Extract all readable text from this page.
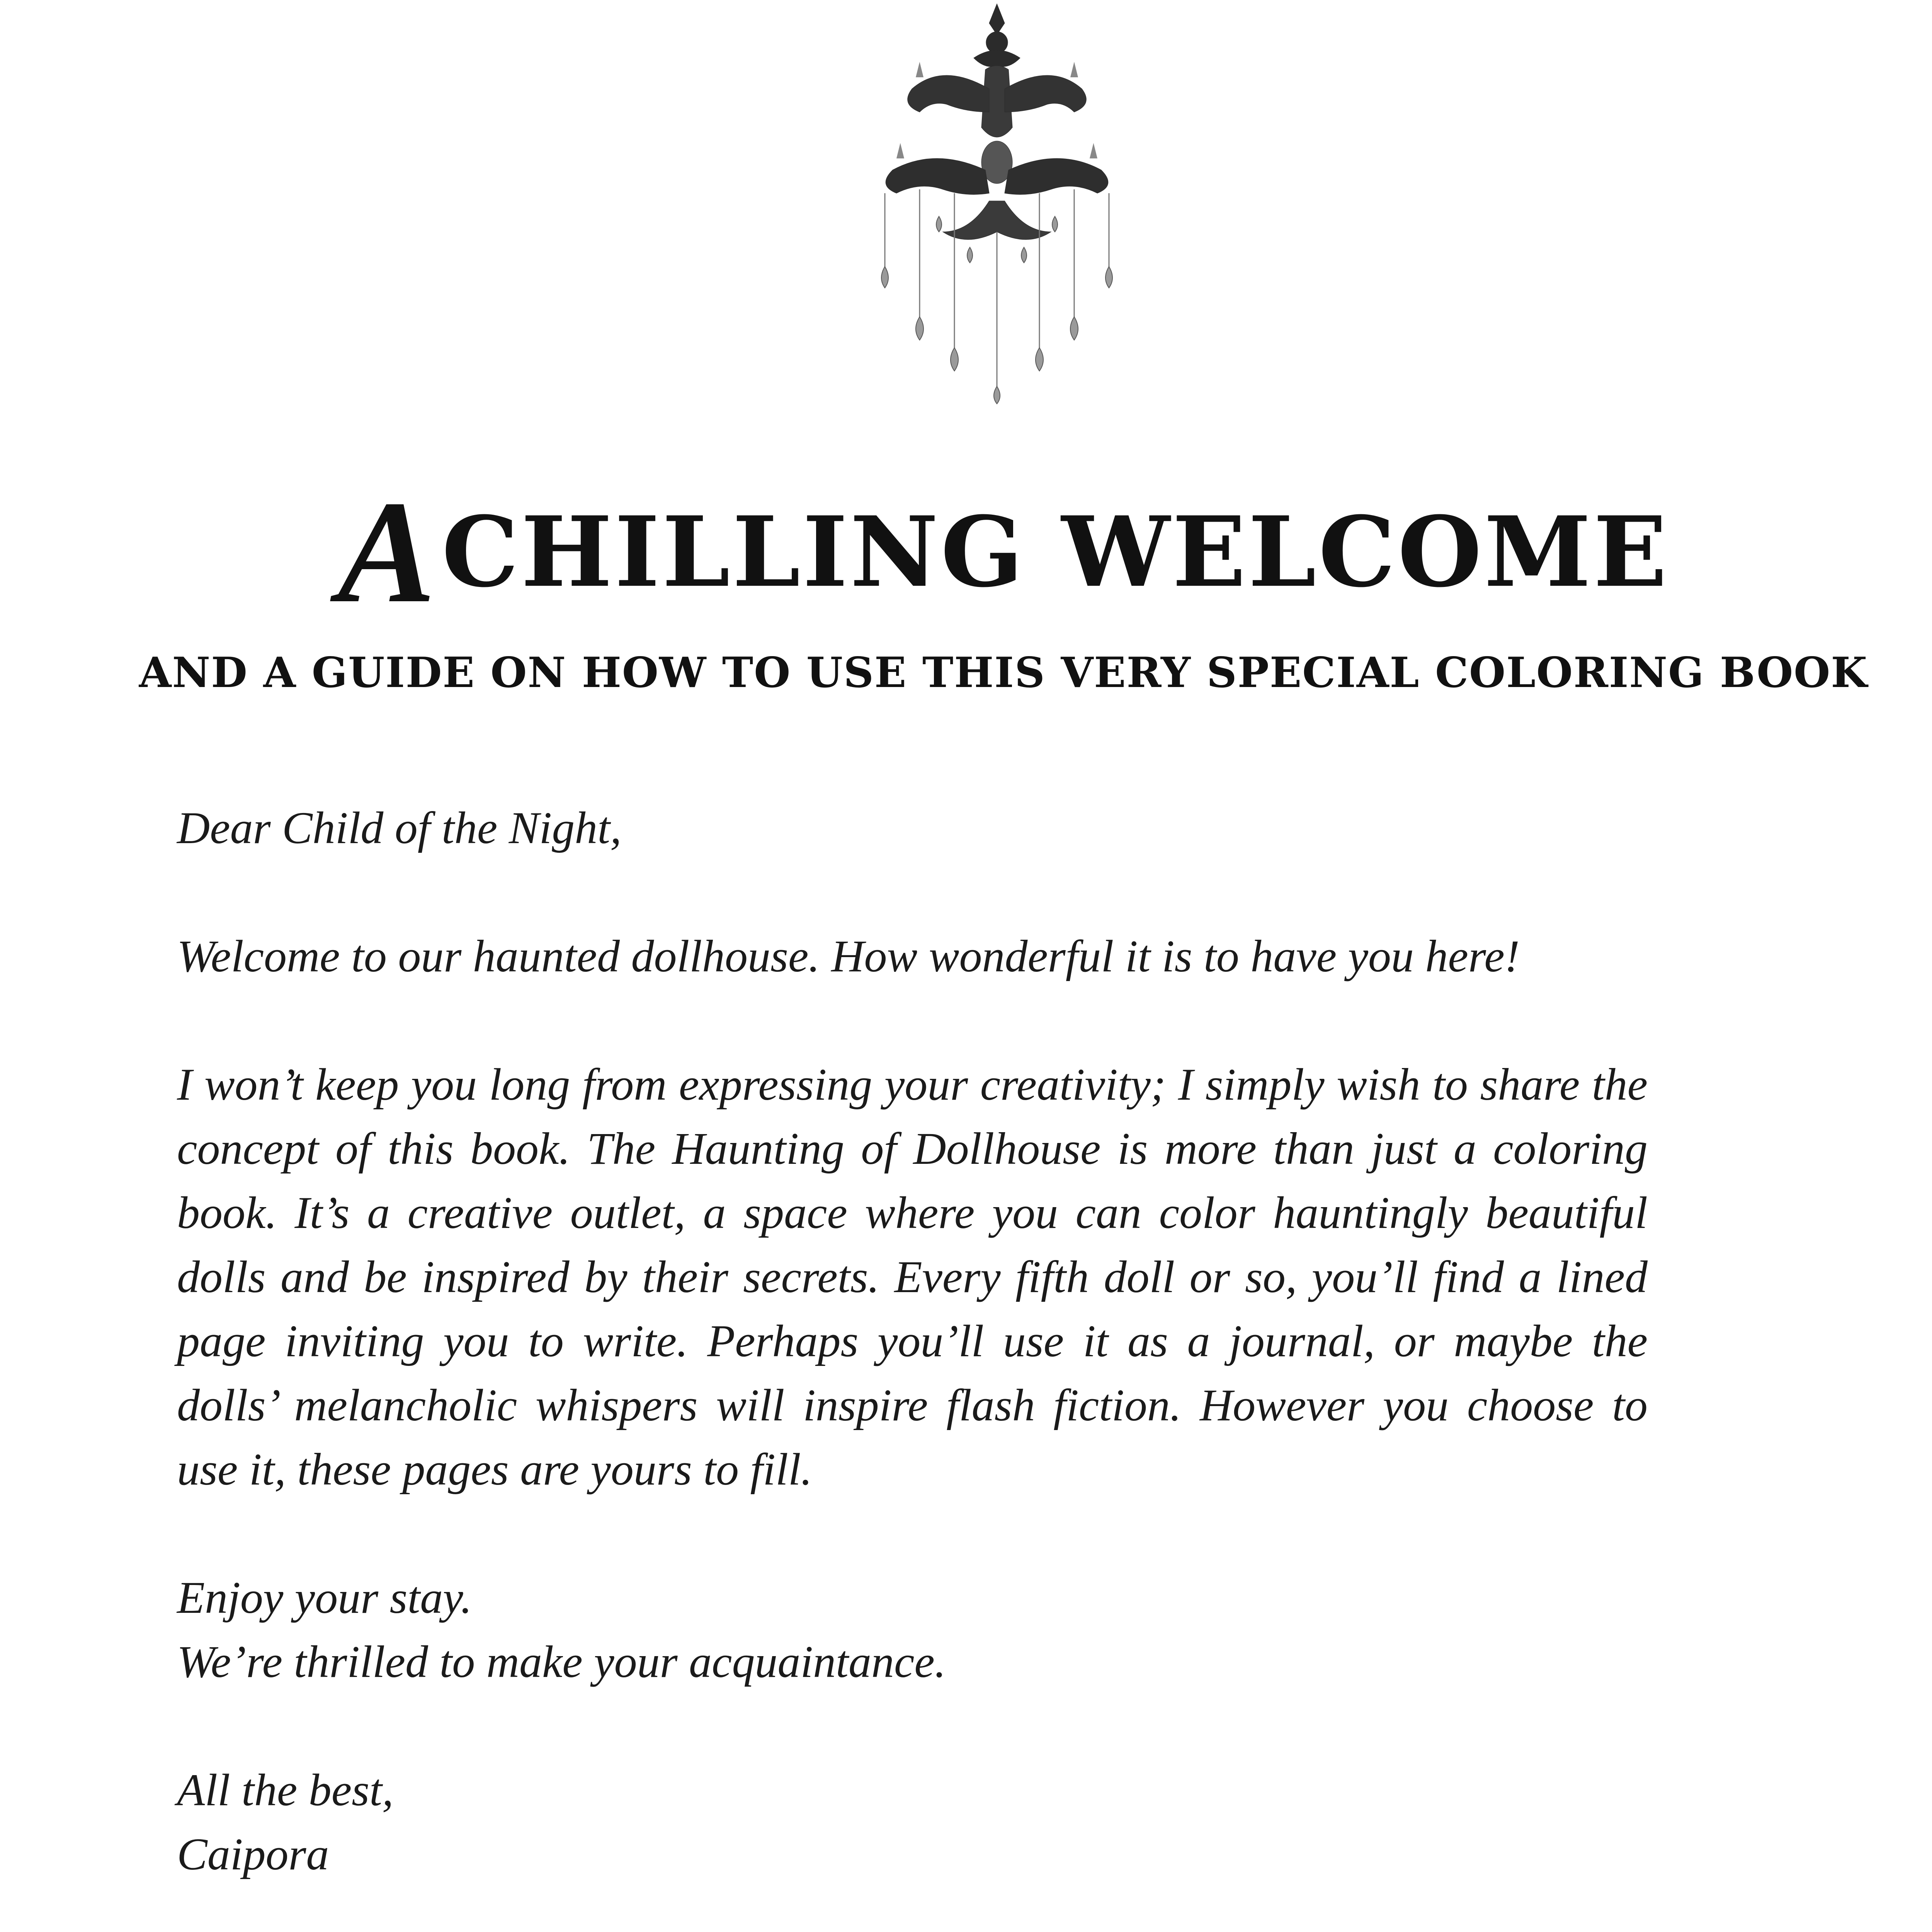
ACHILLING WELCOME
AND A GUIDE ON HOW TO USE THIS VERY SPECIAL COLORING BOOK

Dear Child of the Night,

Welcome to our haunted dollhouse. How wonderful it is to have you here!

I won’t keep you long from expressing your creativity; I simply wish to share the concept of this book. The Haunting of Dollhouse is more than just a coloring book. It’s a creative outlet, a space where you can color hauntingly beautiful dolls and be inspired by their secrets. Every fifth doll or so, you’ll find a lined page inviting you to write. Perhaps you’ll use it as a journal, or maybe the dolls’ melancholic whispers will inspire flash fiction. However you choose to use it, these pages are yours to fill.

Enjoy your stay.
We’re thrilled to make your acquaintance.

All the best,
Caipora
